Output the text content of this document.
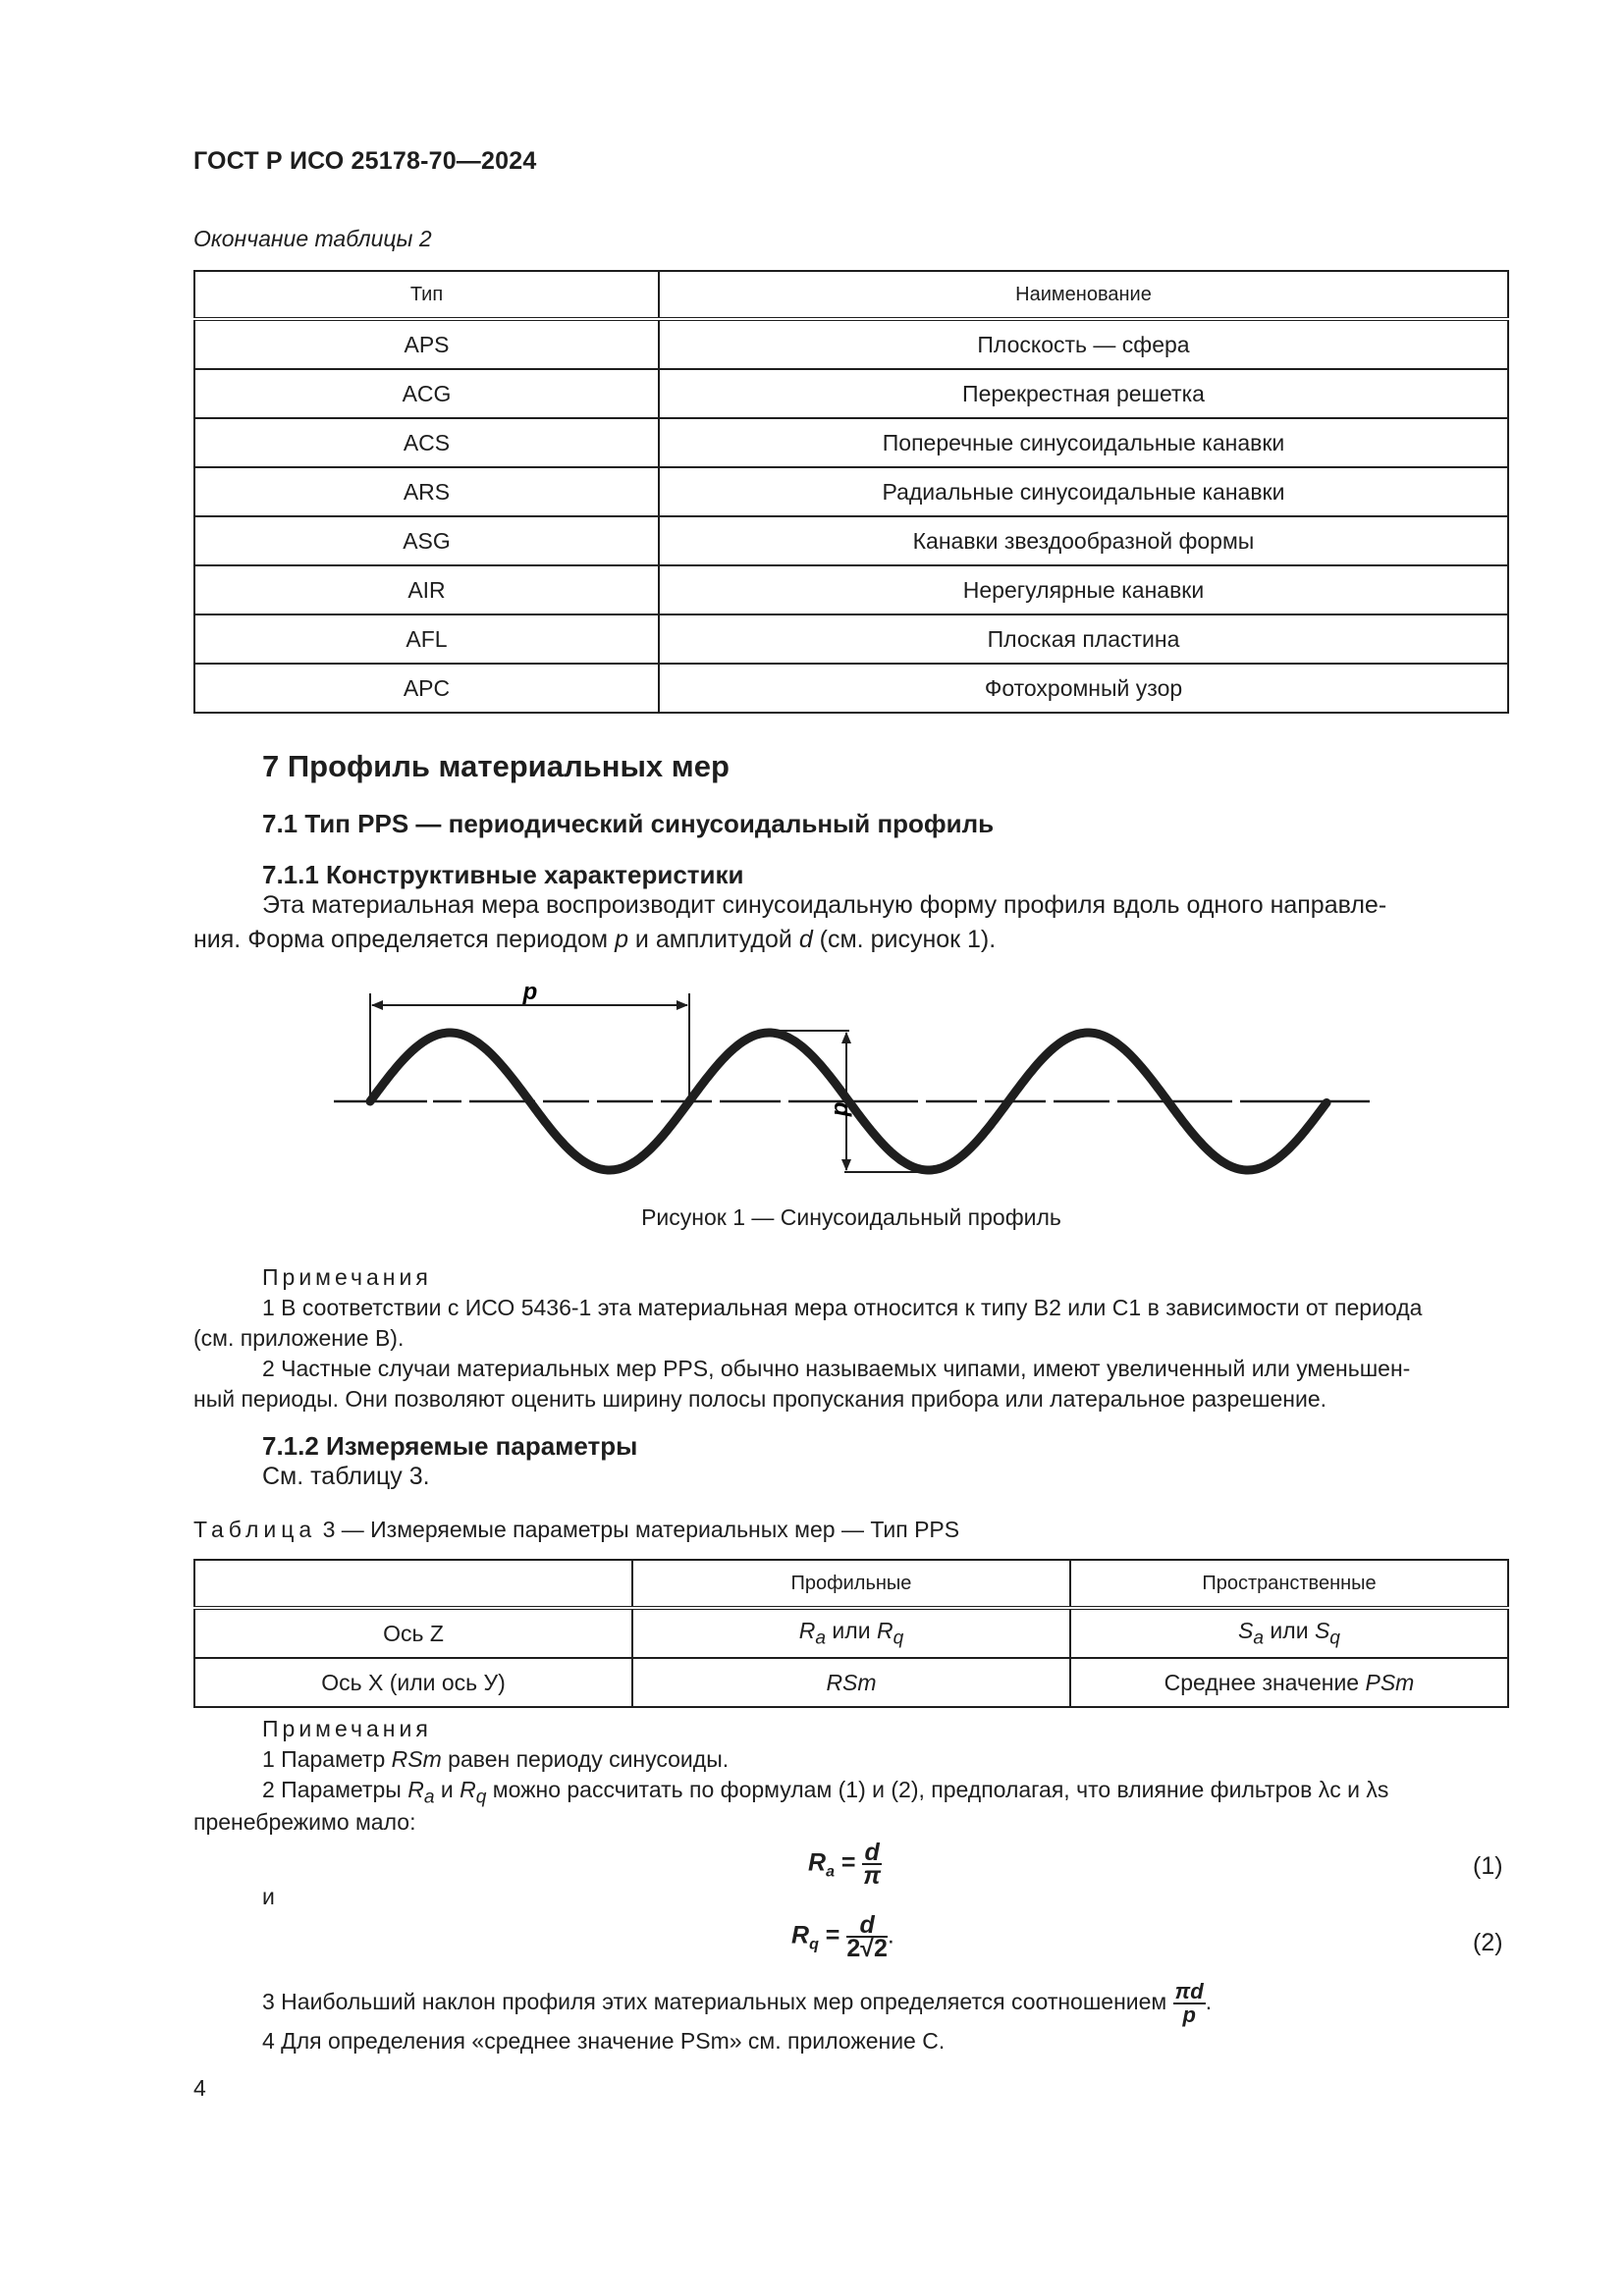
ГОСТ Р ИСО 25178-70—2024
Окончание таблицы 2
Тип	Наименование
APS	Плоскость — сфера
ACG	Перекрестная решетка
ACS	Поперечные синусоидальные канавки
ARS	Радиальные синусоидальные канавки
ASG	Канавки звездообразной формы
AIR	Нерегулярные канавки
AFL	Плоская пластина
APC	Фотохромный узор
7 Профиль материальных мер
7.1 Тип PPS — периодический синусоидальный профиль
7.1.1 Конструктивные характеристики
Эта материальная мера воспроизводит синусоидальную форму профиля вдоль одного направле-
ния. Форма определяется периодом p и амплитудой d (см. рисунок 1).
p
d
Рисунок 1 — Синусоидальный профиль
Примечания
1 В соответствии с ИСО 5436-1 эта материальная мера относится к типу B2 или C1 в зависимости от периода
(см. приложение B).
2 Частные случаи материальных мер PPS, обычно называемых чипами, имеют увеличенный или уменьшен-
ный периоды. Они позволяют оценить ширину полосы пропускания прибора или латеральное разрешение.
7.1.2 Измеряемые параметры
См. таблицу 3.
Таблица 3 — Измеряемые параметры материальных мер — Тип PPS
	Профильные	Пространственные
Ось Z	$R_a$ или $R_q$	$S_a$ или $S_q$
Ось X (или ось У)	RSm	Среднее значение PSm
Примечания
1 Параметр RSm равен периоду синусоиды.
2 Параметры $R_a$ и $R_q$ можно рассчитать по формулам (1) и (2), предполагая, что влияние фильтров λc и λs
пренебрежимо мало:
$R_a = \frac{d}{\pi}$	(1)
и
$R_q = \frac{d}{2√2}$ .	(2)
3 Наибольший наклон профиля этих материальных мер определяется соотношением $\frac{\pi d}{p}$ .
4 Для определения «среднее значение PSm» см. приложение C.
4
